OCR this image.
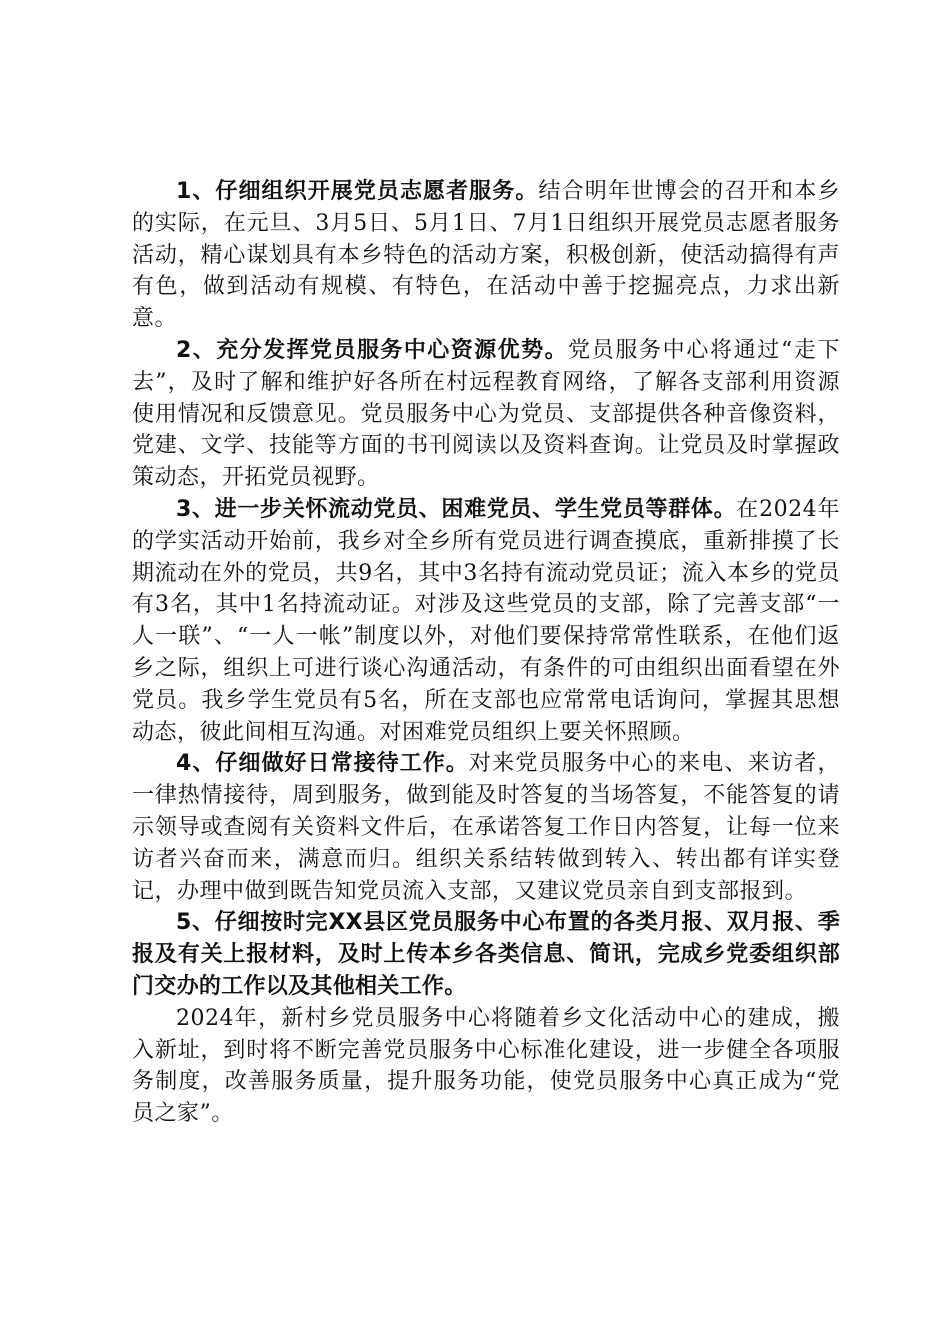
1、仔细组织开展党员志愿者服务。结合明年世博会的召开和本乡的实际，在元旦、3月5日、5月1日、7月1日组织开展党员志愿者服务活动，精心谋划具有本乡特色的活动方案，积极创新，使活动搞得有声有色，做到活动有规模、有特色，在活动中善于挖掘亮点，力求出新意。

2、充分发挥党员服务中心资源优势。党员服务中心将通过“走下去”，及时了解和维护好各所在村远程教育网络，了解各支部利用资源使用情况和反馈意见。党员服务中心为党员、支部提供各种音像资料，党建、文学、技能等方面的书刊阅读以及资料查询。让党员及时掌握政策动态，开拓党员视野。

3、进一步关怀流动党员、困难党员、学生党员等群体。在2024年的学实活动开始前，我乡对全乡所有党员进行调查摸底，重新排摸了长期流动在外的党员，共9名，其中3名持有流动党员证；流入本乡的党员有3名，其中1名持流动证。对涉及这些党员的支部，除了完善支部“一人一联”、“一人一帐”制度以外，对他们要保持常常性联系，在他们返乡之际，组织上可进行谈心沟通活动，有条件的可由组织出面看望在外党员。我乡学生党员有5名，所在支部也应常常电话询问，掌握其思想动态，彼此间相互沟通。对困难党员组织上要关怀照顾。

4、仔细做好日常接待工作。对来党员服务中心的来电、来访者，一律热情接待，周到服务，做到能及时答复的当场答复，不能答复的请示领导或查阅有关资料文件后，在承诺答复工作日内答复，让每一位来访者兴奋而来，满意而归。组织关系结转做到转入、转出都有详实登记，办理中做到既告知党员流入支部，又建议党员亲自到支部报到。

5、仔细按时完XX县区党员服务中心布置的各类月报、双月报、季报及有关上报材料，及时上传本乡各类信息、简讯，完成乡党委组织部门交办的工作以及其他相关工作。

2024年，新村乡党员服务中心将随着乡文化活动中心的建成，搬入新址，到时将不断完善党员服务中心标准化建设，进一步健全各项服务制度，改善服务质量，提升服务功能，使党员服务中心真正成为“党员之家”。
